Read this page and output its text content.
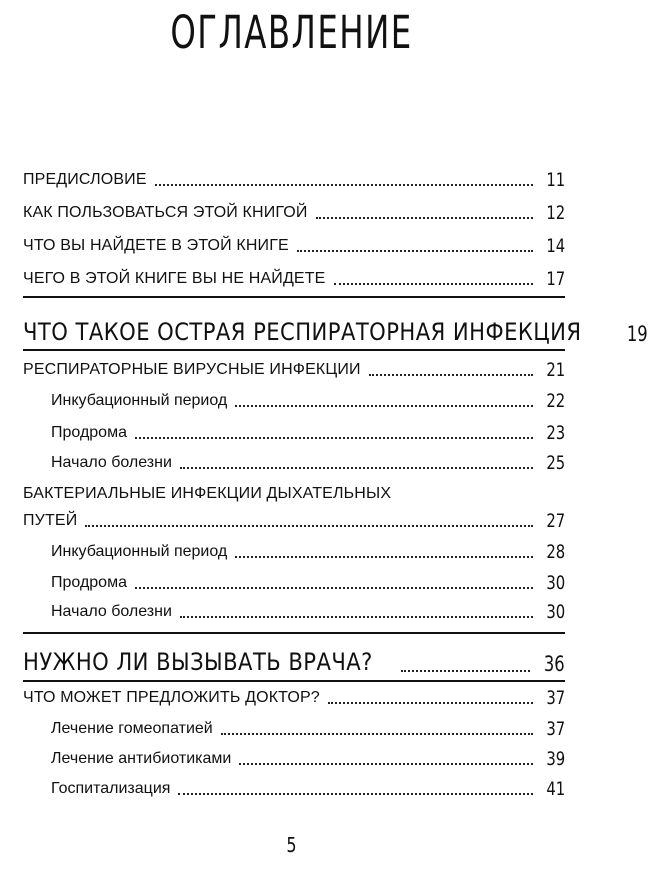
ОГЛАВЛЕНИЕ
ПРЕДИСЛОВИЕ	11
КАК ПОЛЬЗОВАТЬСЯ ЭТОЙ КНИГОЙ	12
ЧТО ВЫ НАЙДЕТЕ В ЭТОЙ КНИГЕ	14
ЧЕГО В ЭТОЙ КНИГЕ ВЫ НЕ НАЙДЕТЕ	17
ЧТО ТАКОЕ ОСТРАЯ РЕСПИРАТОРНАЯ ИНФЕКЦИЯ	19
РЕСПИРАТОРНЫЕ ВИРУСНЫЕ ИНФЕКЦИИ	21
Инкубационный период	22
Продрома	23
Начало болезни	25
БАКТЕРИАЛЬНЫЕ ИНФЕКЦИИ ДЫХАТЕЛЬНЫХ
ПУТЕЙ	27
Инкубационный период	28
Продрома	30
Начало болезни	30
НУЖНО ЛИ ВЫЗЫВАТЬ ВРАЧА?	36
ЧТО МОЖЕТ ПРЕДЛОЖИТЬ ДОКТОР?	37
Лечение гомеопатией	37
Лечение антибиотиками	39
Госпитализация	41
5
